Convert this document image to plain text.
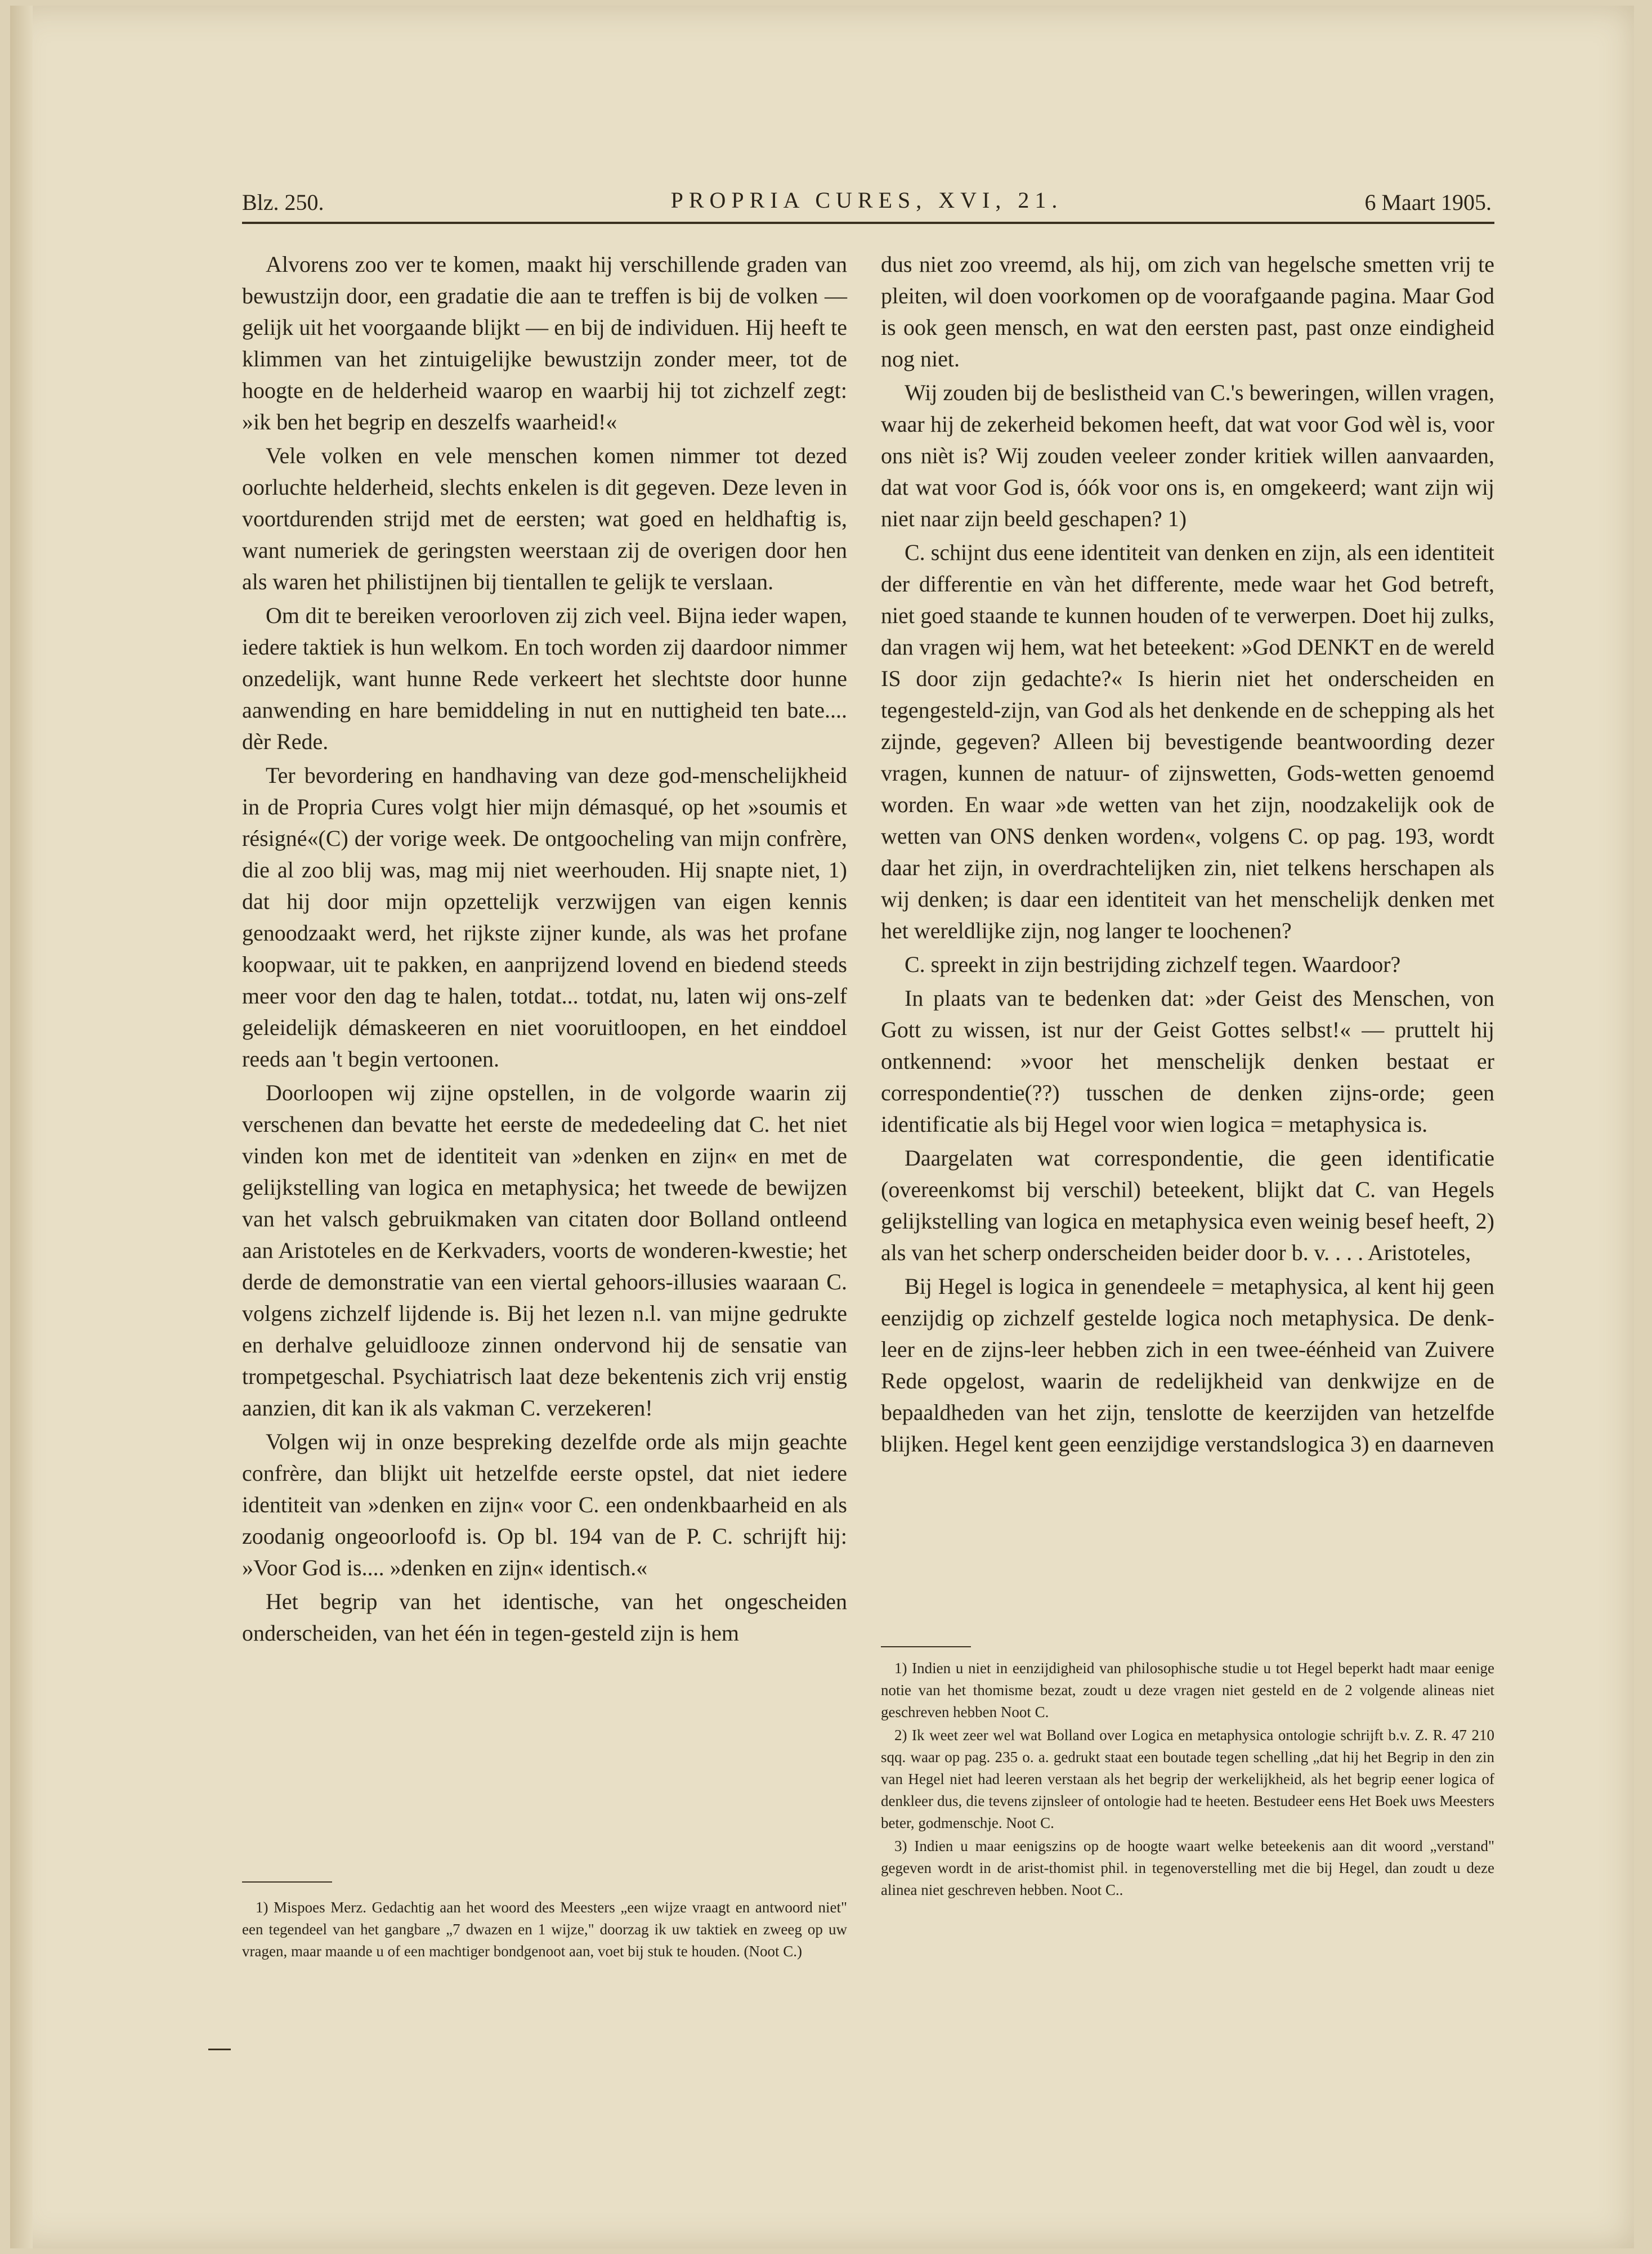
Blz. 250.	PROPRIA CURES, XVI, 21.	6 Maart 1905.

Alvorens zoo ver te komen, maakt hij verschillende graden van bewustzijn door, een gradatie die aan te treffen is bij de volken — gelijk uit het voorgaande blijkt — en bij de individuen. Hij heeft te klimmen van het zintuigelijke bewustzijn zonder meer, tot de hoogte en de helderheid waarop en waarbij hij tot zichzelf zegt: »ik ben het begrip en deszelfs waarheid!«

Vele volken en vele menschen komen nimmer tot dezed oorluchte helderheid, slechts enkelen is dit gegeven. Deze leven in voortdurenden strijd met de eersten; wat goed en heldhaftig is, want numeriek de geringsten weerstaan zij de overigen door hen als waren het philistijnen bij tientallen te gelijk te verslaan.

Om dit te bereiken veroorloven zij zich veel. Bijna ieder wapen, iedere taktiek is hun welkom. En toch worden zij daardoor nimmer onzedelijk, want hunne Rede verkeert het slechtste door hunne aanwending en hare bemiddeling in nut en nuttigheid ten bate.... dèr Rede.

Ter bevordering en handhaving van deze god-menschelijkheid in de Propria Cures volgt hier mijn démasqué, op het »soumis et résigné«(C) der vorige week. De ontgoocheling van mijn confrère, die al zoo blij was, mag mij niet weerhouden. Hij snapte niet, 1) dat hij door mijn opzettelijk verzwijgen van eigen kennis genoodzaakt werd, het rijkste zijner kunde, als was het profane koopwaar, uit te pakken, en aanprijzend lovend en biedend steeds meer voor den dag te halen, totdat... totdat, nu, laten wij ons-zelf geleidelijk démaskeeren en niet vooruitloopen, en het einddoel reeds aan 't begin vertoonen.

Doorloopen wij zijne opstellen, in de volgorde waarin zij verschenen dan bevatte het eerste de mededeeling dat C. het niet vinden kon met de identiteit van »denken en zijn« en met de gelijkstelling van logica en metaphysica; het tweede de bewijzen van het valsch gebruikmaken van citaten door Bolland ontleend aan Aristoteles en de Kerkvaders, voorts de wonderen-kwestie; het derde de demonstratie van een viertal gehoors-illusies waaraan C. volgens zichzelf lijdende is. Bij het lezen n.l. van mijne gedrukte en derhalve geluidlooze zinnen ondervond hij de sensatie van trompetgeschal. Psychiatrisch laat deze bekentenis zich vrij enstig aanzien, dit kan ik als vakman C. verzekeren!

Volgen wij in onze bespreking dezelfde orde als mijn geachte confrère, dan blijkt uit hetzelfde eerste opstel, dat niet iedere identiteit van »denken en zijn« voor C. een ondenkbaarheid en als zoodanig ongeoorloofd is. Op bl. 194 van de P. C. schrijft hij: »Voor God is.... »denken en zijn« identisch.«

Het begrip van het identische, van het ongescheiden onderscheiden, van het één in tegen-gesteld zijn is hem

dus niet zoo vreemd, als hij, om zich van hegelsche smetten vrij te pleiten, wil doen voorkomen op de voorafgaande pagina. Maar God is ook geen mensch, en wat den eersten past, past onze eindigheid nog niet.

Wij zouden bij de beslistheid van C.'s beweringen, willen vragen, waar hij de zekerheid bekomen heeft, dat wat voor God wèl is, voor ons nièt is? Wij zouden veeleer zonder kritiek willen aanvaarden, dat wat voor God is, óók voor ons is, en omgekeerd; want zijn wij niet naar zijn beeld geschapen? 1)

C. schijnt dus eene identiteit van denken en zijn, als een identiteit der differentie en vàn het differente, mede waar het God betreft, niet goed staande te kunnen houden of te verwerpen. Doet hij zulks, dan vragen wij hem, wat het beteekent: »God DENKT en de wereld IS door zijn gedachte?« Is hierin niet het onderscheiden en tegengesteld-zijn, van God als het denkende en de schepping als het zijnde, gegeven? Alleen bij bevestigende beantwoording dezer vragen, kunnen de natuur- of zijnswetten, Gods-wetten genoemd worden. En waar »de wetten van het zijn, noodzakelijk ook de wetten van ONS denken worden«, volgens C. op pag. 193, wordt daar het zijn, in overdrachtelijken zin, niet telkens herschapen als wij denken; is daar een identiteit van het menschelijk denken met het wereldlijke zijn, nog langer te loochenen?

C. spreekt in zijn bestrijding zichzelf tegen. Waardoor?

In plaats van te bedenken dat: »der Geist des Menschen, von Gott zu wissen, ist nur der Geist Gottes selbst!« — pruttelt hij ontkennend: »voor het menschelijk denken bestaat er correspondentie(??) tusschen de denken zijns-orde; geen identificatie als bij Hegel voor wien logica = metaphysica is.

Daargelaten wat correspondentie, die geen identificatie (overeenkomst bij verschil) beteekent, blijkt dat C. van Hegels gelijkstelling van logica en metaphysica even weinig besef heeft, 2) als van het scherp onderscheiden beider door b. v. . . . Aristoteles,

Bij Hegel is logica in genendeele = metaphysica, al kent hij geen eenzijdig op zichzelf gestelde logica noch metaphysica. De denk-leer en de zijns-leer hebben zich in een twee-éénheid van Zuivere Rede opgelost, waarin de redelijkheid van denkwijze en de bepaaldheden van het zijn, tenslotte de keerzijden van hetzelfde blijken. Hegel kent geen eenzijdige verstandslogica 3) en daarneven

1) Mispoes Merz. Gedachtig aan het woord des Meesters „een wijze vraagt en antwoord niet" een tegendeel van het gangbare „7 dwazen en 1 wijze," doorzag ik uw taktiek en zweeg op uw vragen, maar maande u of een machtiger bondgenoot aan, voet bij stuk te houden. (Noot C.)

1) Indien u niet in eenzijdigheid van philosophische studie u tot Hegel beperkt hadt maar eenige notie van het thomisme bezat, zoudt u deze vragen niet gesteld en de 2 volgende alineas niet geschreven hebben Noot C.

2) Ik weet zeer wel wat Bolland over Logica en metaphysica ontologie schrijft b.v. Z. R. 47 210 sqq. waar op pag. 235 o. a. gedrukt staat een boutade tegen schelling „dat hij het Begrip in den zin van Hegel niet had leeren verstaan als het begrip der werkelijkheid, als het begrip eener logica of denkleer dus, die tevens zijnsleer of ontologie had te heeten. Bestudeer eens Het Boek uws Meesters beter, godmenschje. Noot C.

3) Indien u maar eenigszins op de hoogte waart welke beteekenis aan dit woord „verstand" gegeven wordt in de arist-thomist phil. in tegenoverstelling met die bij Hegel, dan zoudt u deze alinea niet geschreven hebben. Noot C..
